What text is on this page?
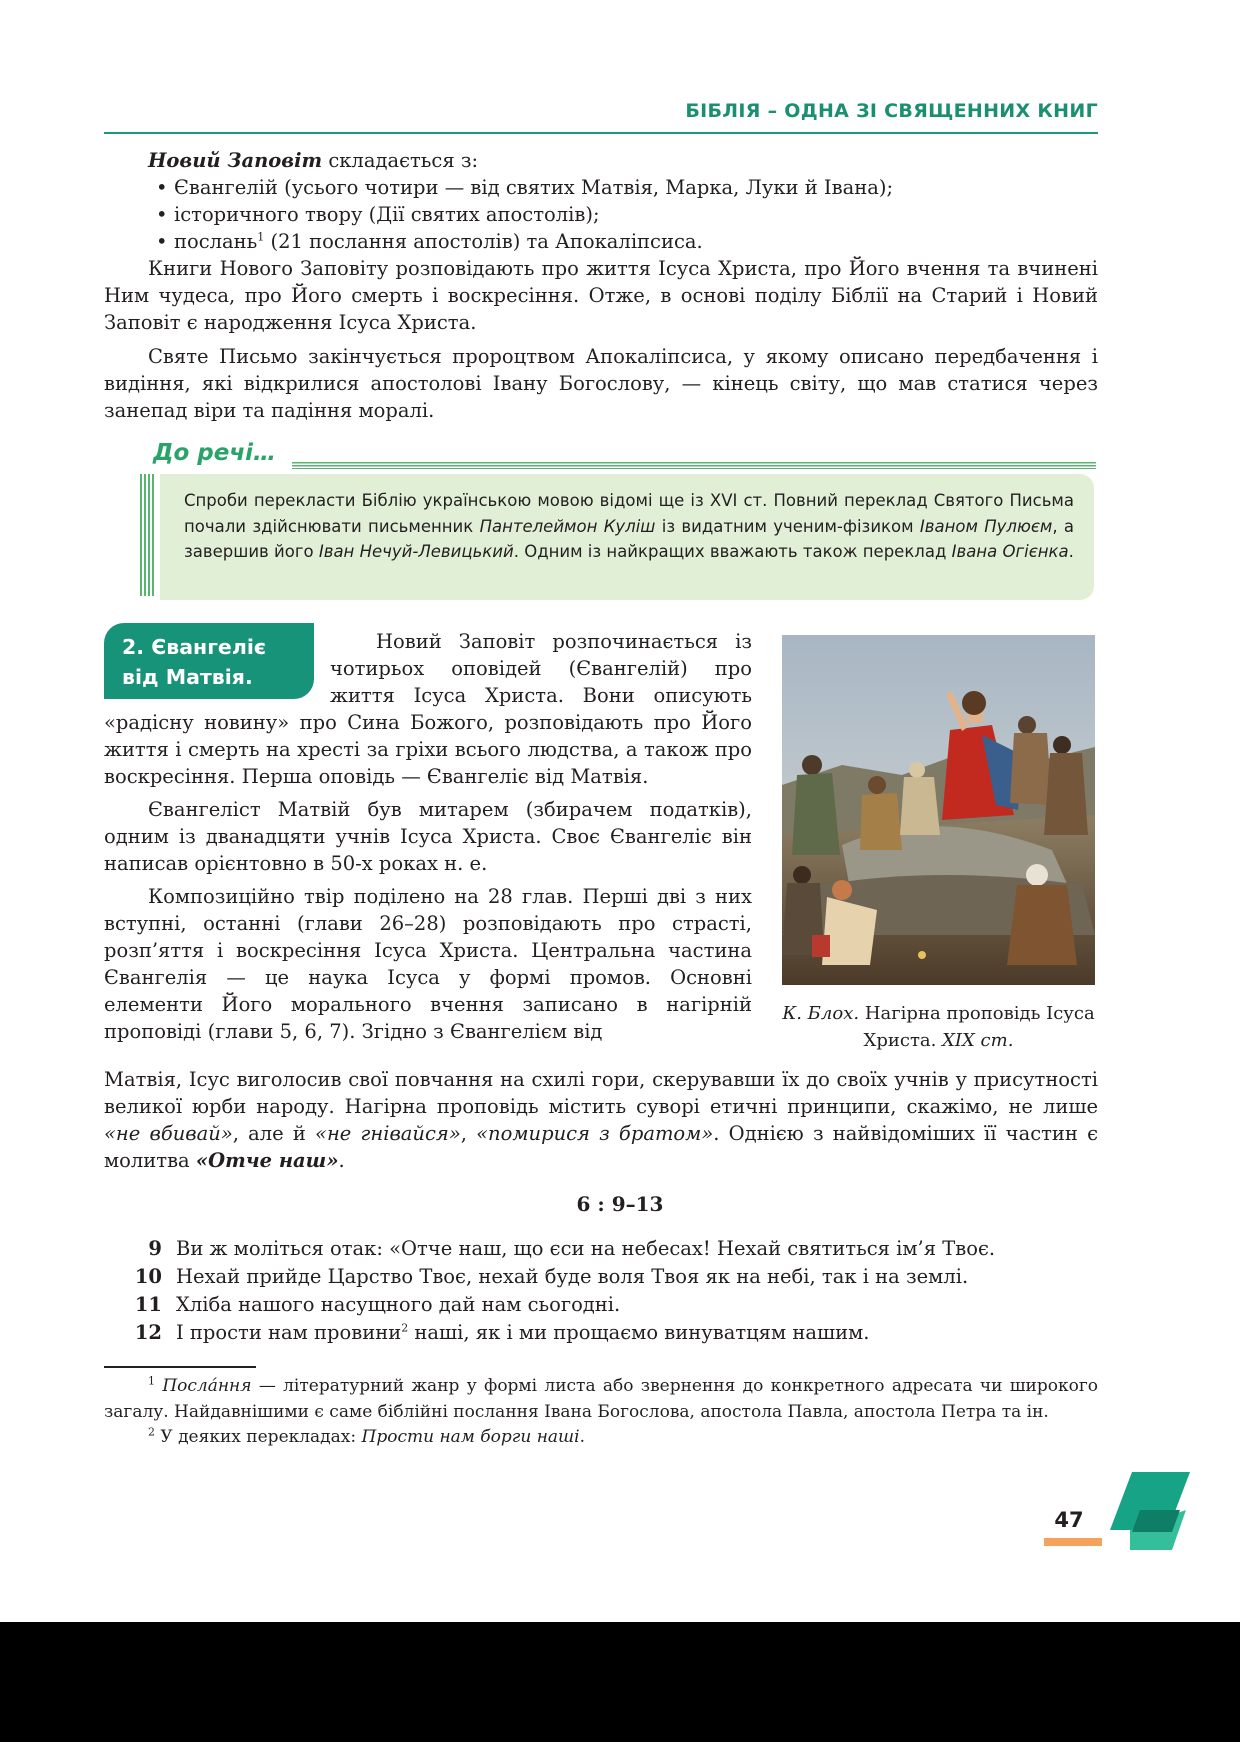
БІБЛІЯ – ОДНА ЗІ СВЯЩЕННИХ КНИГ

Новий Заповіт складається з:

• Євангелій (усього чотири — від святих Матвія, Марка, Луки й Івана);
• історичного твору (Дії святих апостолів);
• послань$^1$ (21 послання апостолів) та Апокаліпсиса.

Книги Нового Заповіту розповідають про життя Ісуса Христа, про Його вчення та вчинені Ним чудеса, про Його смерть і воскресіння. Отже, в основі поділу Біблії на Старий і Новий Заповіт є народження Ісуса Христа.

Святе Письмо закінчується пророцтвом Апокаліпсиса, у якому описано передбачення і видіння, які відкрилися апостолові Івану Богослову, — кінець світу, що мав статися через занепад віри та падіння моралі.

До речі…
Спроби перекласти Біблію українською мовою відомі ще із XVI ст. Повний переклад Святого Письма почали здійснювати письменник Пантелеймон Куліш із видатним ученим-фізиком Іваном Пулюєм, а завершив його Іван Нечуй-Левицький. Одним із найкращих вважають також переклад Івана Огієнка.
2. Євангеліє
від Матвія.

Новий Заповіт розпочинається із

чотирьох оповідей (Євангелій) про

життя Ісуса Христа. Вони описують

«радісну новину» про Сина Божого, розповідають про Його життя і смерть на хресті за гріхи всього людства, а також про воскресіння. Перша оповідь — Євангеліє від Матвія.

Євангеліст Матвій був митарем (збирачем податків), одним із дванадцяти учнів Ісуса Христа. Своє Євангеліє він написав орієнтовно в 50-х роках н. е.

Композиційно твір поділено на 28 глав. Перші дві з них вступні, останні (глави 26–28) розповідають про страсті, розп’яття і воскресіння Ісуса Христа. Центральна частина Євангелія — це наука Ісуса у формі промов. Основні елементи Його морального вчення записано в нагірній проповіді (глави 5, 6, 7). Згідно з Євангелієм від

Матвія, Ісус виголосив свої повчання на схилі гори, скерувавши їх до своїх учнів у присутності великої юрби народу. Нагірна проповідь містить суворі етичні принципи, скажімо, не лише «не вбивай», але й «не гнівайся», «помирися з братом». Однією з найвідоміших її частин є молитва «Отче наш».

К. Блох. Нагірна проповідь Ісуса Христа. XIX ст.
6 : 9–13
9 Ви ж моліться отак: «Отче наш, що єси на небесах! Нехай святиться ім’я Твоє.
10 Нехай прийде Царство Твоє, нехай буде воля Твоя як на небі, так і на землі.
11 Хліба нашого насущного дай нам сьогодні.
12 І прости нам провини$^2$ наші, як і ми прощаємо винуватцям нашим.

$^1$ Посла́ння — літературний жанр у формі листа або звернення до конкретного адресата чи широкого загалу. Найдавнішими є саме біблійні послання Івана Богослова, апостола Павла, апостола Петра та ін.

$^2$ У деяких перекладах: Прости нам борги наші.

47
